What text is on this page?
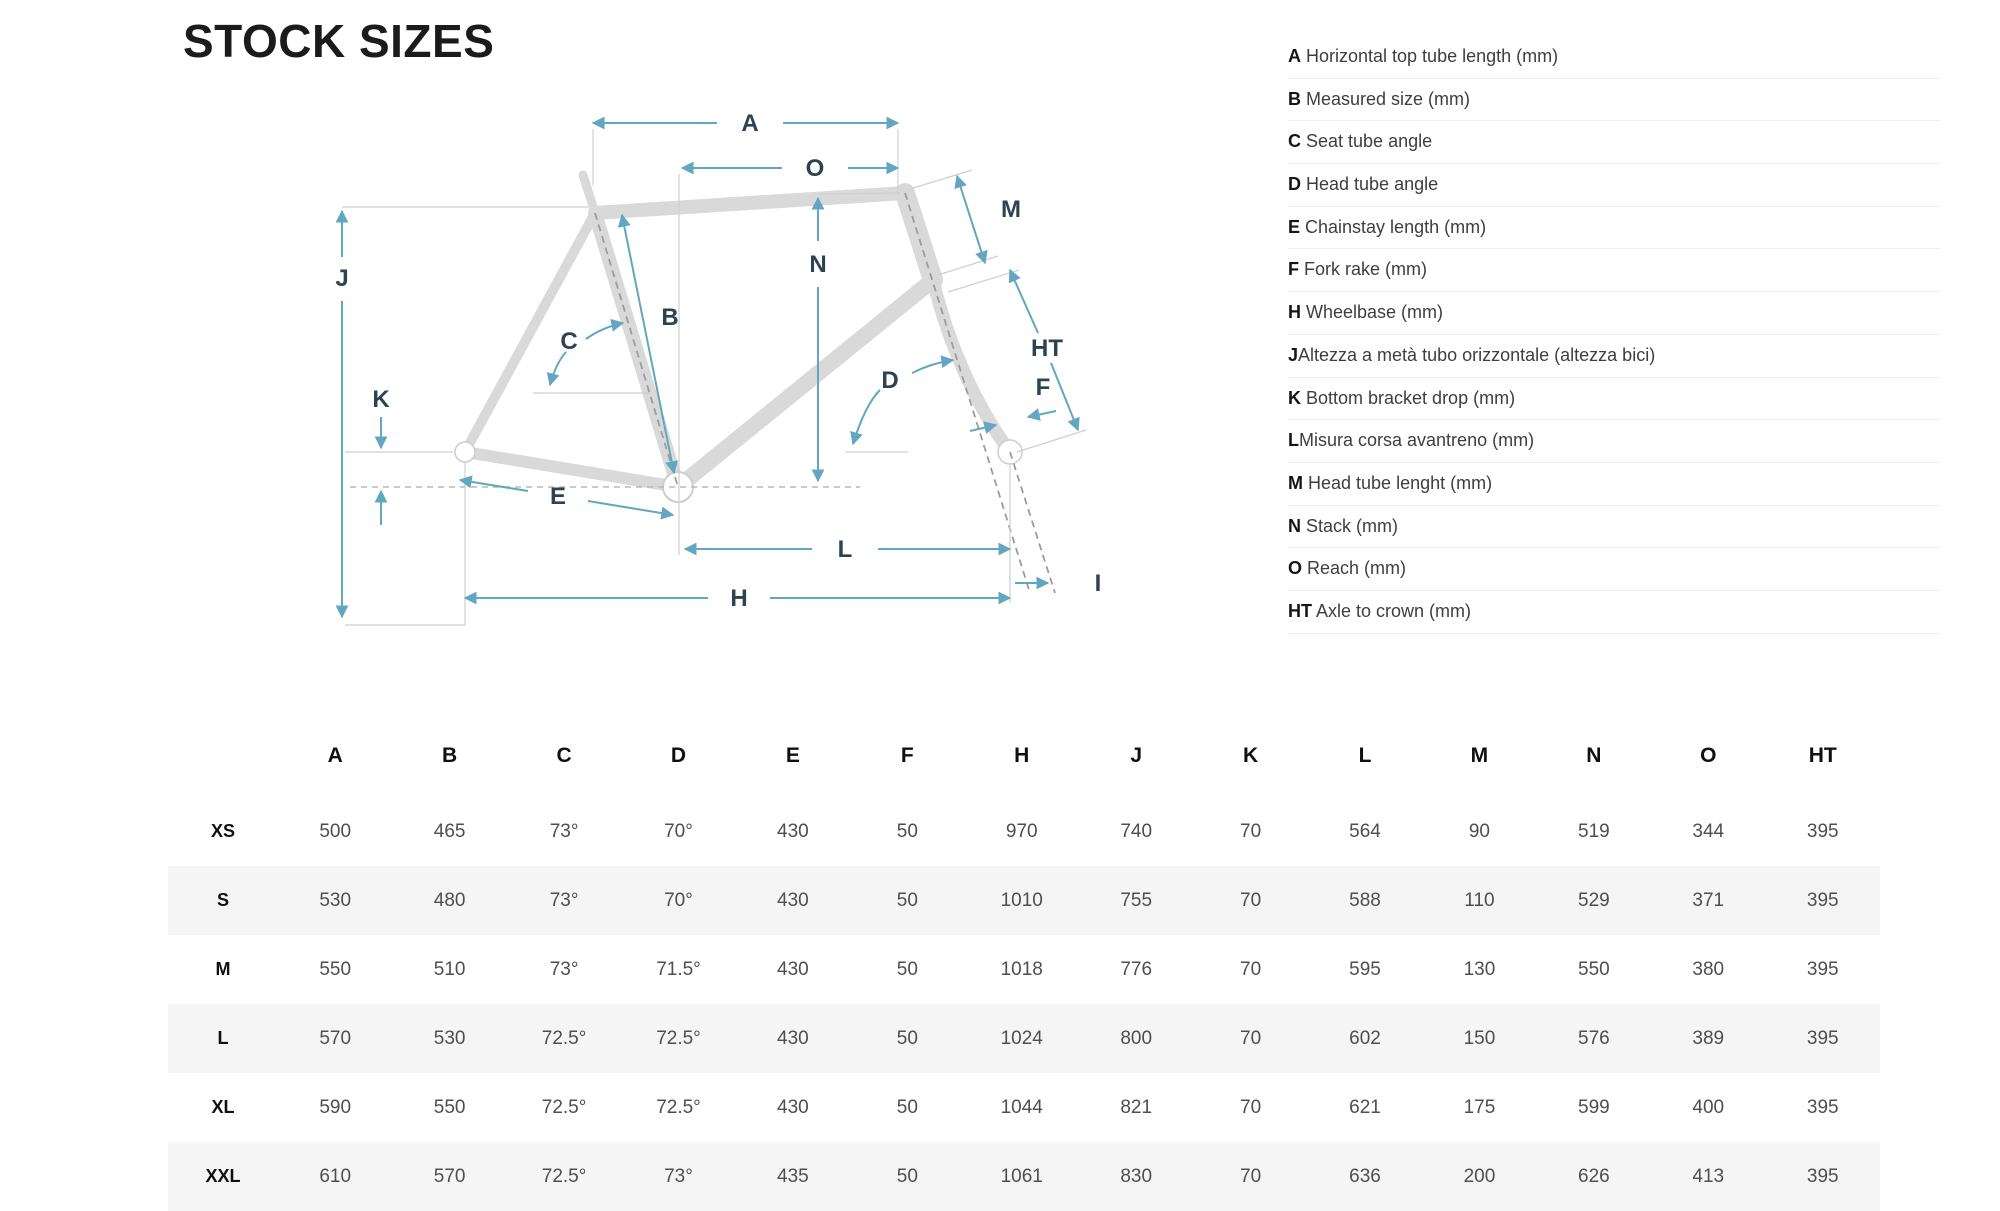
STOCK SIZES
A
O
N
M
J
B
C	HT
D	F
K
E
L
H
I
A Horizontal top tube length (mm)
B Measured size (mm)
C Seat tube angle
D Head tube angle
E Chainstay length (mm)
F Fork rake (mm)
H Wheelbase (mm)
JAltezza a metà tubo orizzontale (altezza bici)
K Bottom bracket drop (mm)
LMisura corsa avantreno (mm)
M Head tube lenght (mm)
N Stack (mm)
O Reach (mm)
HT Axle to crown (mm)
	A	B	C	D	E	F	H	J	K	L	M	N	O	HT
XS	500	465	73°	70°	430	50	970	740	70	564	90	519	344	395
S	530	480	73°	70°	430	50	1010	755	70	588	110	529	371	395
M	550	510	73°	71.5°	430	50	1018	776	70	595	130	550	380	395
L	570	530	72.5°	72.5°	430	50	1024	800	70	602	150	576	389	395
XL	590	550	72.5°	72.5°	430	50	1044	821	70	621	175	599	400	395
XXL	610	570	72.5°	73°	435	50	1061	830	70	636	200	626	413	395
